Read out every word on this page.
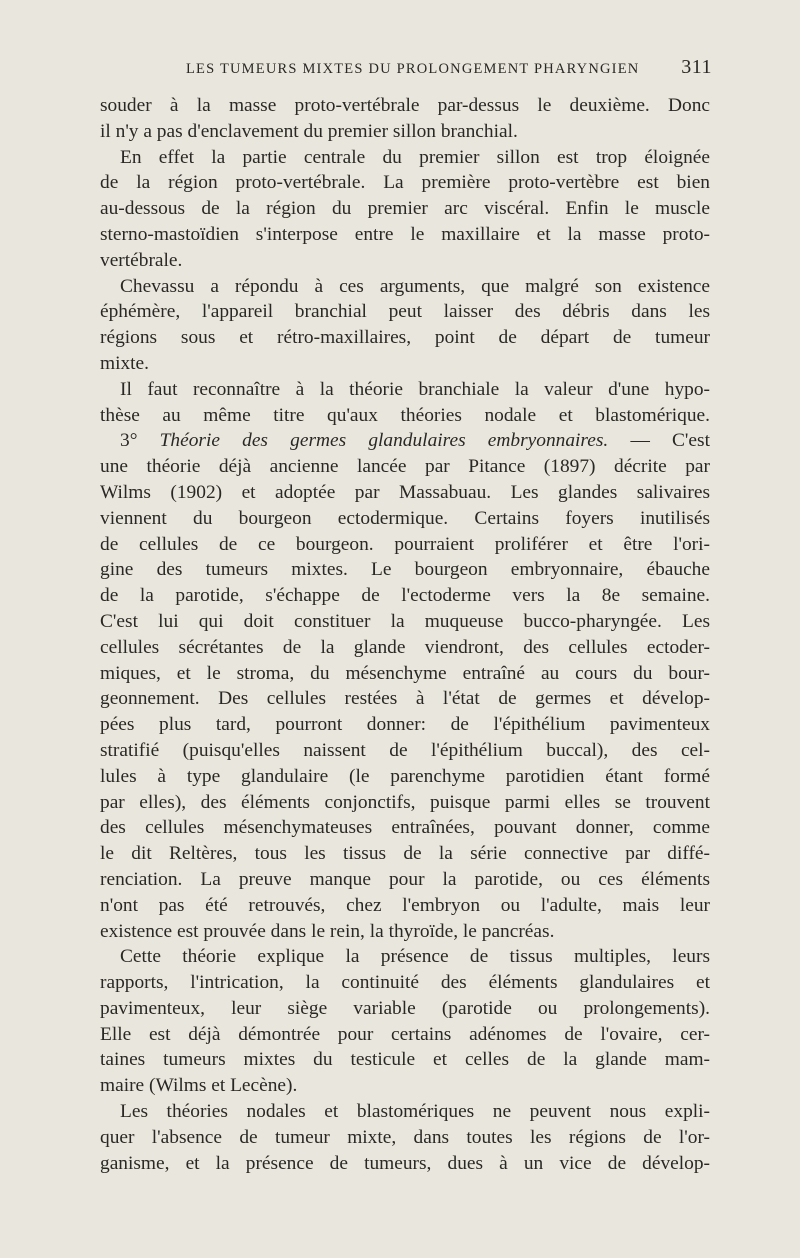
LES TUMEURS MIXTES DU PROLONGEMENT PHARYNGIEN 311
souder à la masse proto-vertébrale par-dessus le deuxième. Donc
il n'y a pas d'enclavement du premier sillon branchial.
En effet la partie centrale du premier sillon est trop éloignée
de la région proto-vertébrale. La première proto-vertèbre est bien
au-dessous de la région du premier arc viscéral. Enfin le muscle
sterno-mastoïdien s'interpose entre le maxillaire et la masse proto-
vertébrale.
Chevassu a répondu à ces arguments, que malgré son existence
éphémère, l'appareil branchial peut laisser des débris dans les
régions sous et rétro-maxillaires, point de départ de tumeur
mixte.
Il faut reconnaître à la théorie branchiale la valeur d'une hypo-
thèse au même titre qu'aux théories nodale et blastomérique.
3° Théorie des germes glandulaires embryonnaires. — C'est
une théorie déjà ancienne lancée par Pitance (1897) décrite par
Wilms (1902) et adoptée par Massabuau. Les glandes salivaires
viennent du bourgeon ectodermique. Certains foyers inutilisés
de cellules de ce bourgeon. pourraient proliférer et être l'ori-
gine des tumeurs mixtes. Le bourgeon embryonnaire, ébauche
de la parotide, s'échappe de l'ectoderme vers la 8e semaine.
C'est lui qui doit constituer la muqueuse bucco-pharyngée. Les
cellules sécrétantes de la glande viendront, des cellules ectoder-
miques, et le stroma, du mésenchyme entraîné au cours du bour-
geonnement. Des cellules restées à l'état de germes et dévelop-
pées plus tard, pourront donner: de l'épithélium pavimenteux
stratifié (puisqu'elles naissent de l'épithélium buccal), des cel-
lules à type glandulaire (le parenchyme parotidien étant formé
par elles), des éléments conjonctifs, puisque parmi elles se trouvent
des cellules mésenchymateuses entraînées, pouvant donner, comme
le dit Reltères, tous les tissus de la série connective par diffé-
renciation. La preuve manque pour la parotide, ou ces éléments
n'ont pas été retrouvés, chez l'embryon ou l'adulte, mais leur
existence est prouvée dans le rein, la thyroïde, le pancréas.
Cette théorie explique la présence de tissus multiples, leurs
rapports, l'intrication, la continuité des éléments glandulaires et
pavimenteux, leur siège variable (parotide ou prolongements).
Elle est déjà démontrée pour certains adénomes de l'ovaire, cer-
taines tumeurs mixtes du testicule et celles de la glande mam-
maire (Wilms et Lecène).
Les théories nodales et blastomériques ne peuvent nous expli-
quer l'absence de tumeur mixte, dans toutes les régions de l'or-
ganisme, et la présence de tumeurs, dues à un vice de dévelop-
